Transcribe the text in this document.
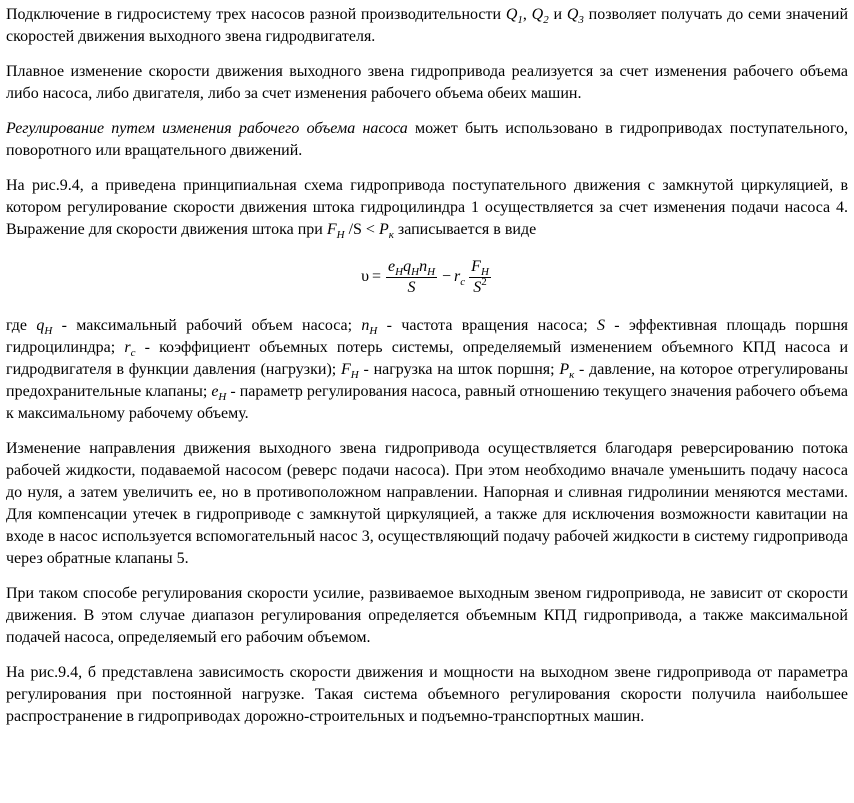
Подключение в гидросистему трех насосов разной производительности $Q_1$, $Q_2$ и $Q_3$ позволяет получать до семи значений скоростей движения выходного звена гидродвигателя.

Плавное изменение скорости движения выходного звена гидропривода реализуется за счет изменения рабочего объема либо насоса, либо двигателя, либо за счет изменения рабочего объема обеих машин.

Регулирование путем изменения рабочего объема насоса может быть использовано в гидроприводах поступательного, поворотного или вращательного движений.

На рис.9.4, а приведена принципиальная схема гидропривода поступательного движения с замкнутой циркуляцией, в котором регулирование скорости движения штока гидроцилиндра 1 осуществляется за счет изменения подачи насоса 4. Выражение для скорости движения штока при $F_H$ $/S < P_к$ записывается в виде

$\upsilon = \frac{e_Hq_Hn_H}{S} - r_c \frac{F_H}{S^2}$

где $q_H$ - максимальный рабочий объем насоса; $n_H$ - частота вращения насоса; S - эффективная площадь поршня гидроцилиндра; $r_c$ - коэффициент объемных потерь системы, определяемый изменением объемного КПД насоса и гидродвигателя в функции давления (нагрузки); $F_H$ - нагрузка на шток поршня; $P_к$ - давление, на которое отрегулированы предохранительные клапаны; $e_H$ - параметр регулирования насоса, равный отношению текущего значения рабочего объема к максимальному рабочему объему.

Изменение направления движения выходного звена гидропривода осуществляется благодаря реверсированию потока рабочей жидкости, подаваемой насосом (реверс подачи насоса). При этом необходимо вначале уменьшить подачу насоса до нуля, а затем увеличить ее, но в противоположном направлении. Напорная и сливная гидролинии меняются местами. Для компенсации утечек в гидроприводе с замкнутой циркуляцией, а также для исключения возможности кавитации на входе в насос используется вспомогательный насос 3, осуществляющий подачу рабочей жидкости в систему гидропривода через обратные клапаны 5.

При таком способе регулирования скорости усилие, развиваемое выходным звеном гидропривода, не зависит от скорости движения. В этом случае диапазон регулирования определяется объемным КПД гидропривода, а также максимальной подачей насоса, определяемый его рабочим объемом.

На рис.9.4, б представлена зависимость скорости движения и мощности на выходном звене гидропривода от параметра регулирования при постоянной нагрузке. Такая система объемного регулирования скорости получила наибольшее распространение в гидроприводах дорожно-строительных и подъемно-транспортных машин.
